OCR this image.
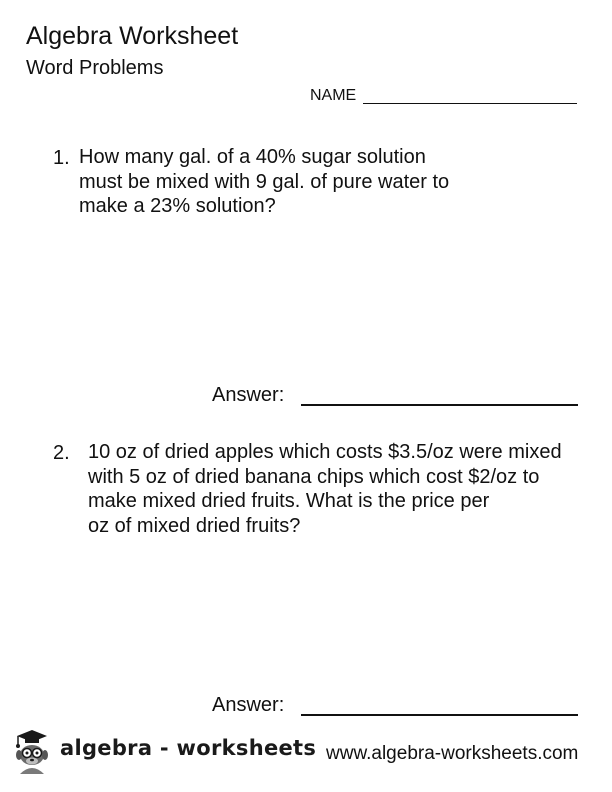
Algebra Worksheet
Word Problems
NAME
1. How many gal. of a 40% sugar solution
must be mixed with 9 gal. of pure water to
make a 23% solution?
Answer:
2. 10 oz of dried apples which costs $3.5/oz were mixed
with 5 oz of dried banana chips which cost $2/oz to
make mixed dried fruits. What is the price per
oz of mixed dried fruits?
Answer:
algebra - worksheets www.algebra-worksheets.com
